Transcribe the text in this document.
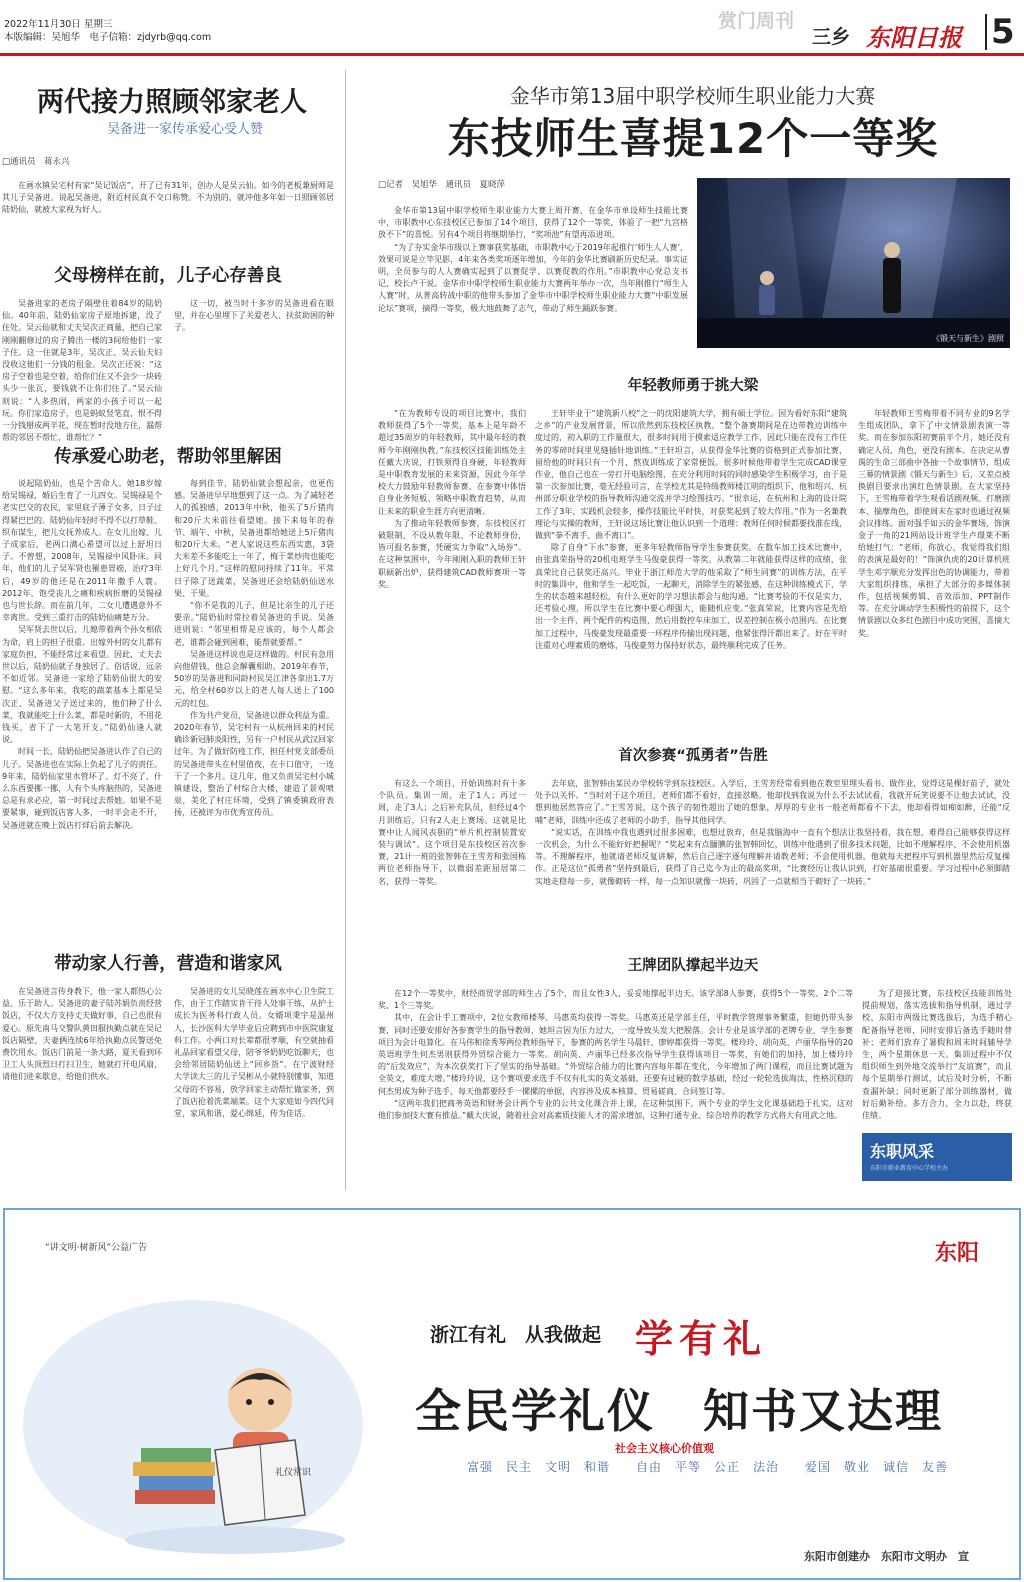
2022年11月30日 星期三
本版编辑：吴旭华　电子信箱：zjdyrb@qq.com
赏门周刊
三乡 东阳日报 5
两代接力照顾邻家老人
吴备进一家传承爱心受人赞
□通讯员　蒋永兴

在画水镇吴宅村有家“吴记饭店”，开了已有31年，创办人是吴云仙。如今的老板兼厨师是其儿子吴备进。说起吴备进，附近村民真不交口称赞。不为别的，就冲他多年如一日照顾邻居陆奶仙，就被大家视为好人。

父母榜样在前，儿子心存善良

吴备进家的老房子隔壁住着84岁的陆奶仙。40年前，陆奶仙家房子原地拆建，没了住处。吴云仙就和丈夫吴次正商量，把自己家刚刚翻修过的房子腾出一楼的3间给他们一家子住。这一住就是3年，吴次正、吴云仙夫妇没收这他们一分钱的租金。吴次正还说：“这房子空着也是空着，给你们住又不会少一块砖头少一张瓦，要钱就不让你们住了。”吴云仙则说：“人多热闹，两家的小孩子可以一起玩。你们家造房子，也是蚂蚁竖笔直，恨不得一分钱掰成两半花，现在暂时没地方住，漏帮帮的邻居不帮忙，谁帮忙？”

这一切，被当时十多岁的吴备进看在眼里，并在心里埋下了关爱老人、扶贫助困的种子。

传承爱心助老，帮助邻里解困

说起陆奶仙，也是个苦命人。她18岁嫁给吴锡禄，婚后生育了一儿四女。吴锡禄是个老实巴交的农民，家里底子薄子女多，日子过得紧巴巴的。陆奶仙年轻时不得不以打草鞋、织布谋生，把儿女抚养成人。在女儿出嫁、儿子成家后，老两口满心希望可以过上舒坦日子。不曾想，2008年，吴锡禄中风卧床。同年，他们的儿子吴军贤也罹患胃癌，治疗3年后，49岁的他还是在2011年撒手人寰。2012年，饱受丧儿之痛和疾病折磨的吴锡禄也与世长辞。而在前几年，二女儿遭遇意外不幸离世。受到三重打击的陆奶仙痛楚万分。

吴军贤去世以后，儿媳带着两个孙女相依为命，肩上的担子很重。出嫁外村的女儿都有家庭负担，不能经常过来看望。因此，丈夫去世以后，陆奶仙就子身独居了。俗话说，远亲不如近邻。吴备进一家给了陆奶仙很大的安慰。“这么多年来，我吃的蔬菜基本上都是吴次正、吴备进父子送过来的，他们种了什么菜，我就能吃上什么菜，都是时新的，不用花钱买，省下了一大笔开支。”陆奶仙逢人就说。

时间一长，陆奶仙把吴备进认作了自己的儿子。吴备进也在实际上负起了儿子的责任。9年来，陆奶仙家里水管坏了、灯不亮了、什么东西要挪一挪，人有个头疼脑热的，吴备进总是有求必应，第一时间过去帮她。如果不是要紧事，碰到饭店客人多，一时半会走不开，吴备进就在晚上饭店打烊后前去解决。

每到佳节，陆奶仙就会想起亲，也更伤感。吴备进早早地想到了这一点。为了减轻老人的孤独感，2013年中秋，他买了5斤猪肉和20斤大米前往看望她。接下来每年的春节、端午、中秋，吴备进都给她送上5斤猪肉和20斤大米。“老人家说这些东西实惠，3袋大米差不多能吃上一年了，梅干菜炒肉也能吃上好几个月。”这样的慰问持续了11年。平常日子除了送蔬菜，吴备进还会给陆奶仙送水果、干果。

“你不是我的儿子，但是比亲生的儿子还要亲。”陆奶仙时常拉着吴备进的手说。吴备进则说：“邻里相帮是应该的，每个人都会老，谁都会碰到困难，能帮就要帮。”

吴备进这样说也是这样做的。村民有急用向他借钱，他总会解囊相助。2019年春节，50岁的吴备进和同龄村民吴江津各拿出1.7万元，给全村60岁以上的老人每人送上了100元的红包。

作为共产党员，吴备进以群众利益为重。2020年春节，吴宅村有一从杭州回来的村民确诊新冠肺炎阳性，另有一户村民从武汉回家过年。为了做好防疫工作，担任村党支部委员的吴备进带头在村里值夜，在卡口值守，一连干了一个多月。这几年，他又负责吴宅村小城镇建设，整治了村综合大楼，建造了景观喷泉，美化了村庄环境，受到了镇委镇政府表扬，还被评为市优秀宣传员。

带动家人行善，营造和谐家风

在吴备进言传身教下，他一家人都热心公益、乐于助人。吴备进的妻子陆苏娟负责经营饭店，不仅大方支持丈夫做好事，自己也很有爱心。原先南马交警队黄田服执勤点就在吴记饭店隔壁，夫妻俩连续6年给执勤点民警送免费饮用水。饭店门前是一条大路，夏天看到环卫工人头顶烈日打扫卫生，她就打开电风扇，请他们进来歇息，给他们供水。

吴备进的女儿吴晓莲在画水中心卫生院工作，由于工作踏实肯干待人处事干练，从护士成长为医务科行政人员。女婿项秉宇是温州人，长沙医科大学毕业后应聘到市中医院康复科工作。小两口对长辈都很孝顺，有空就抽看礼品回家看望父母，陪爷爷奶奶吃饭聊天，也会给邻居陆奶仙送上“回乡货”。在宁波财经大学读大三的儿子吴彬从小就特别懂事，知道父母的不容易，放学回家主动帮忙做家务，到了饭店抢着洗菜端菜。这个大家庭如今四代同堂，家风和谐，爱心绵延，传为佳话。

金华市第13届中职学校师生职业能力大赛
东技师生喜提12个一等奖
□记者　吴旭华　通讯员　夏晓萍

金华市第13届中职学校师生职业能力大赛上周开赛，在金华市单设师生技能比赛中，市职教中心东技校区已参加了14个项目，获得了12个一等奖，体验了一把“九宫格放不下”的喜悦。另有4个项目将继期举行，“奖项池”有望再添进项。

“为了夯实金华市级以上赛事获奖基础，市职教中心于2019年起推行‘师生人人赛’，效果可说是立竿见影，4年来各类奖项逐年增加，今年的金华比赛刷新历史纪录。事实证明，全员参与的人人赛确实起到了以赛促学、以赛促教的作用。”市职教中心党总支书记、校长卢干说。金华市中职学校师生职业能力大赛两年举办一次，当年刚推行“师生人人赛”时，从普高转战中职的他带头参加了金华市中职学校师生职业能力大赛“中职发展论坛”赛项，摘得一等奖，极大地鼓舞了志气，带动了师生踊跃参赛。

《锻天与新生》剧照
年轻教师勇于挑大梁

“在为教师专设的项目比赛中，我们教师获得了5个一等奖，基本上是年龄不超过35周岁的年轻教师，其中最年轻的教师今年刚刚执教。”东技校区技能训练处主任戴大庆说，打铁须得自身硬，年轻教师是中职教育发展的未来资源，因此今年学校大力鼓励年轻教师参赛，在参赛中体悟自身业务短板、领略中职教育趋势，从而让未来的职业生涯方向更清晰。

为了推动年轻教师参赛，东技校区打破限制，不设从教年限、不论教师身份，皆可报名参赛，凭硬实力争取“入场券”。在这种氛围中，今年刚刚入职的教师王轩职硕新出炉，获得建筑CAD教师赛项一等奖。

王轩毕业于“建筑新八校”之一的沈阳建筑大学，拥有硕士学位。因为看好东阳“建筑之乡”的产业发展背景，所以欣然到东技校区执教，“整个备赛期间是在边带教边训练中度过的，初入职的工作量很大，很多时间用于摸索适应教学工作，因此只能在没有工作任务的零碎时间里见缝插针地训练。”王轩坦言，从获得金华比赛的资格到正式参加比赛，留给他的时间只有一个月，熬夜训练成了家常便饭。很多时候他带着学生完成CAD课堂作业，他自己也在一旁打开电脑绘图，在充分利用时间的同时感染学生积极学习，由于是第一次参加比赛，毫无经验可言，在学校尤其是特级教师楼江明的组织下，他和绍兴、杭州部分职业学校的指导教师沟通交流并学习绘图技巧。“很幸运，在杭州和上海的设计院工作了3年，实践机会较多，操作技能比平时快，对获奖起到了较大作用。”作为一名兼教理论与实操的教师，王轩说这场比赛让他认识到一个道理：教师任何时候都要找准在线，做到“拳不离手、曲不离口”。

除了自身“下水”参赛，更多年轻教师指导学生参赛获奖。在数车加工技术比赛中，由张真荣指导的20机电班学生马俊豪获得一等奖。从教第二年就能获得这样的成绩，张真荣比自己获奖还高兴。毕业于浙江师范大学的他采取了“师生同赛”的训练方法，在平时的集训中，他和学生一起吃饭，一起聊天，消除学生的紧张感，在这种训练模式下，学生的状态越来越轻松，有什么更好的学习想法都会与他沟通。“比赛考验的不仅是实力，还考验心理，所以学生在比赛中要心理强大，能随机应变。”张真荣说，比赛内容是先给出一个主件，两个配件的构造图，然后用数控车床加工，误差控制在极小范围内。在比赛加工过程中，马俊豪发现最重要一环程序传输出现问题，他紧张得汗都出来了。好在平时注重对心理素质的磨炼，马俊豪努力保持好状态，最终顺利完成了任务。

年轻教师王雪梅带着不同专业的9名学生组成团队，拿下了中文情景剧表演一等奖。而在参加东阳初赛前半个月，她还没有确定人员、角色，更没有剧本。在决定从曹禺的生命三部曲中各抽一个故事情节，组成三幕的情景剧《锻天与新生》后，又差点被换剧目要求出演红色情景剧。在大家坚持下，王雪梅带着学生观看话剧视频、打磨剧本、揣摩角色，即使周末在家时也通过视频会议排练。面对强手如云的金华赛场，饰演金子一角的21网站设计班学生卢璟莱不断给她打气：“老师，你放心，我觉得我们组的表演是最好的！”饰演仇虎的20计算机班学生邓宇顺充分发挥出色的协调能力，带着大家组织排练，承担了大部分的多媒体制作，包括视频剪辑、音效添加、PPT制作等。在充分调动学生积极性的前提下，这个情景剧以众多红色剧目中成功突围，喜摘大奖。

首次参赛“孤勇者”告胜

有这么一个项目，开始训练时有十多个队员。集训一周，走了1人；再过一周，走了3人；之后补充队员，但经过4个月训练后，只有2人走上赛场。这就是比赛中让人闻风丧胆的“单片机控制装置安装与调试”。这个项目是东技校区首次参赛，21计一班的张智韩在王雪芳和张国栋两位老师指导下，以微弱差距屈居第二名，获得一等奖。

去年底，张智韩由某民办学校转学到东技校区。入学后，王雪芳经常看到他在教室里埋头看书、做作业，觉得这是棵好苗子，就处处予以关怀。“当时对于这个项目，老师们都不看好，直接怼略。他却找到我说为什么不去试试看，我就开玩笑说要不让他去试试，没想到他居然答应了。”王雪芳说，这个孩子的韧性超出了她的想象，厚厚的专业书一般老师都看不下去，他却看得如痴如醉，还能“反哺”老师，训练中还成了老师的小助手，指导其他同学。

“说实话，在训练中我也遇到过很多困难，也想过放弃，但是我脑海中一直有个想法让我坚持着，我在想，难得自己能够获得这样一次机会，为什么不能好好把握呢？”奖起来有点腼腆的张智韩回忆，训练中他遇到了很多技术问题，比如不理解程序、不会使用机器等。不理解程序，他就请老师反复讲解，然后自己逐字逐句理解并请教老师；不会使用机器，他就每天把程序写到机器里然后反复操作。正是这位“孤勇者”坚持到最后，获得了自己迄今为止的最高奖项，“比赛经历让我认识到，打好基础很重要。学习过程中必须脚踏实地走稳每一步，就像砌砖一样，每一点知识就像一块砖，巩固了一点就相当于砌好了一块砖。”

王牌团队撑起半边天

在12个一等奖中，财经商贸学部的师生占了5个，而且女性3人，妥妥地撑起半边天。该学部8人参赛，获得5个一等奖、2个二等奖、1个三等奖。

其中，在会计手工赛项中，2位女教师楼琴、马惠英均获得一等奖。马惠英还是学部主任，平时教学管理事务繁重，但她仍带头参赛，同时还要安排好各参赛学生的指导教师，她坦言因为压力过大，一度导致头发大把脱落。会计专业是该学部的老牌专业，学生参赛项目为会计电算化。在马伟和徐秀琴两位教师指导下，参赛的两名学生马晨轩、廖婷都获得一等奖。楼玲玲、胡向英、卢丽华指导的20英语班学生何杰男则获得外贸综合能力一等奖。胡向英、卢丽华已经多次指导学生获得该项目一等奖，有她们的加持，加上楼玲玲的“后发效应”，为本次获奖打下了坚实的指导基础。“外贸综合能力的比赛内容每年都在变化，今年增加了两门课程，而且比赛试题为全英文，难度大增。”楼玲玲说，这个赛项要求选手不仅有扎实的英文基础，还要有过硬的数学基础，经过一轮轮选拔淘汰，性格沉稳的何杰男成为种子选手，每天他都要经手一摞摞的单据，内容涉及成本核算、贸易磋商、合同签订等。

“这两年我们把商务英语和财务会计两个专业的公共文化课合并上课，在这种氛围下，两个专业的学生文化课基础趋于扎实，这对他们参加技大赛有推益。”戴大庆说，随着社会对高素质技能人才的需求增加，这种打通专业、综合培养的教学方式将大有用武之地。

为了迎接比赛，东技校区技能训练处提前规划，落实选拔和指导机制，通过学校、东阳市两级比赛选拔后，为选手精心配备指导老师，同时安排后备选手随时替补；老师们放弃了暑假和周末时间辅导学生，两个星期休息一天。集训过程中不仅组织师生到外地交流举行“友谊赛”，而且每个星期举行测试，试后及时分析，不断查漏补缺；同时更新了部分训练器材，做好后勤补给。多方合力，全力以赴，终获佳绩。

东职风采
东阳市职业教育中心学校主办
“讲文明·树新风”公益广告	东阳
礼仪常识
浙江有礼　从我做起 学有礼
全民学礼仪　知书又达理
社会主义核心价值观
富强　民主　文明　和谐　　自由　平等　公正　法治　　爱国　敬业　诚信　友善
东阳市创建办　东阳市文明办　宣
